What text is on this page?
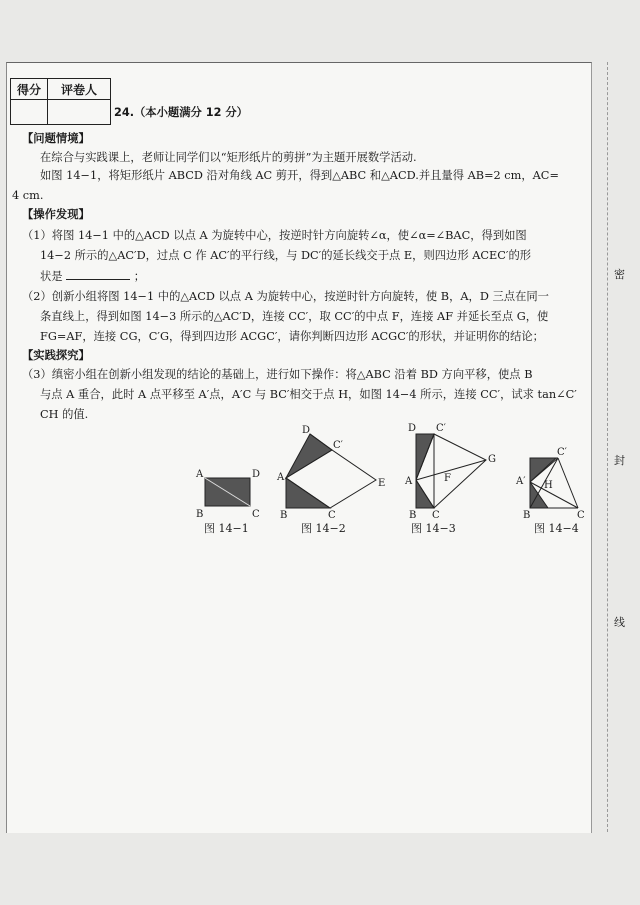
密
封
线
得分	评卷人

24.（本小题满分 12 分）
【问题情境】
在综合与实践课上，老师让同学们以“矩形纸片的剪拼”为主题开展数学活动.
如图 14−1，将矩形纸片 ABCD 沿对角线 AC 剪开，得到△ABC 和△ACD.并且量得 AB=2 cm，AC=
4 cm.
【操作发现】
（1）将图 14−1 中的△ACD 以点 A 为旋转中心，按逆时针方向旋转∠α，使∠α=∠BAC，得到如图
14−2 所示的△AC′D，过点 C 作 AC′的平行线，与 DC′的延长线交于点 E，则四边形 ACEC′的形
状是	；
（2）创新小组将图 14−1 中的△ACD 以点 A 为旋转中心，按逆时针方向旋转，使 B，A，D 三点在同一
条直线上，得到如图 14−3 所示的△AC′D，连接 CC′，取 CC′的中点 F，连接 AF 并延长至点 G，使
FG=AF，连接 CG，C′G，得到四边形 ACGC′，请你判断四边形 ACGC′的形状，并证明你的结论；
【实践探究】
（3）缜密小组在创新小组发现的结论的基础上，进行如下操作：将△ABC 沿着 BD 方向平移，使点 B
与点 A 重合，此时 A 点平移至 A′点，A′C 与 BC′相交于点 H，如图 14−4 所示，连接 CC′，试求 tan∠C′
CH 的值.
A	D
B	C
图 14−1
D
C′
A
E
B	C
图 14−2
D C′
G
A	F
B C
图 14−3
C′
A′ H
B	C
图 14−4
